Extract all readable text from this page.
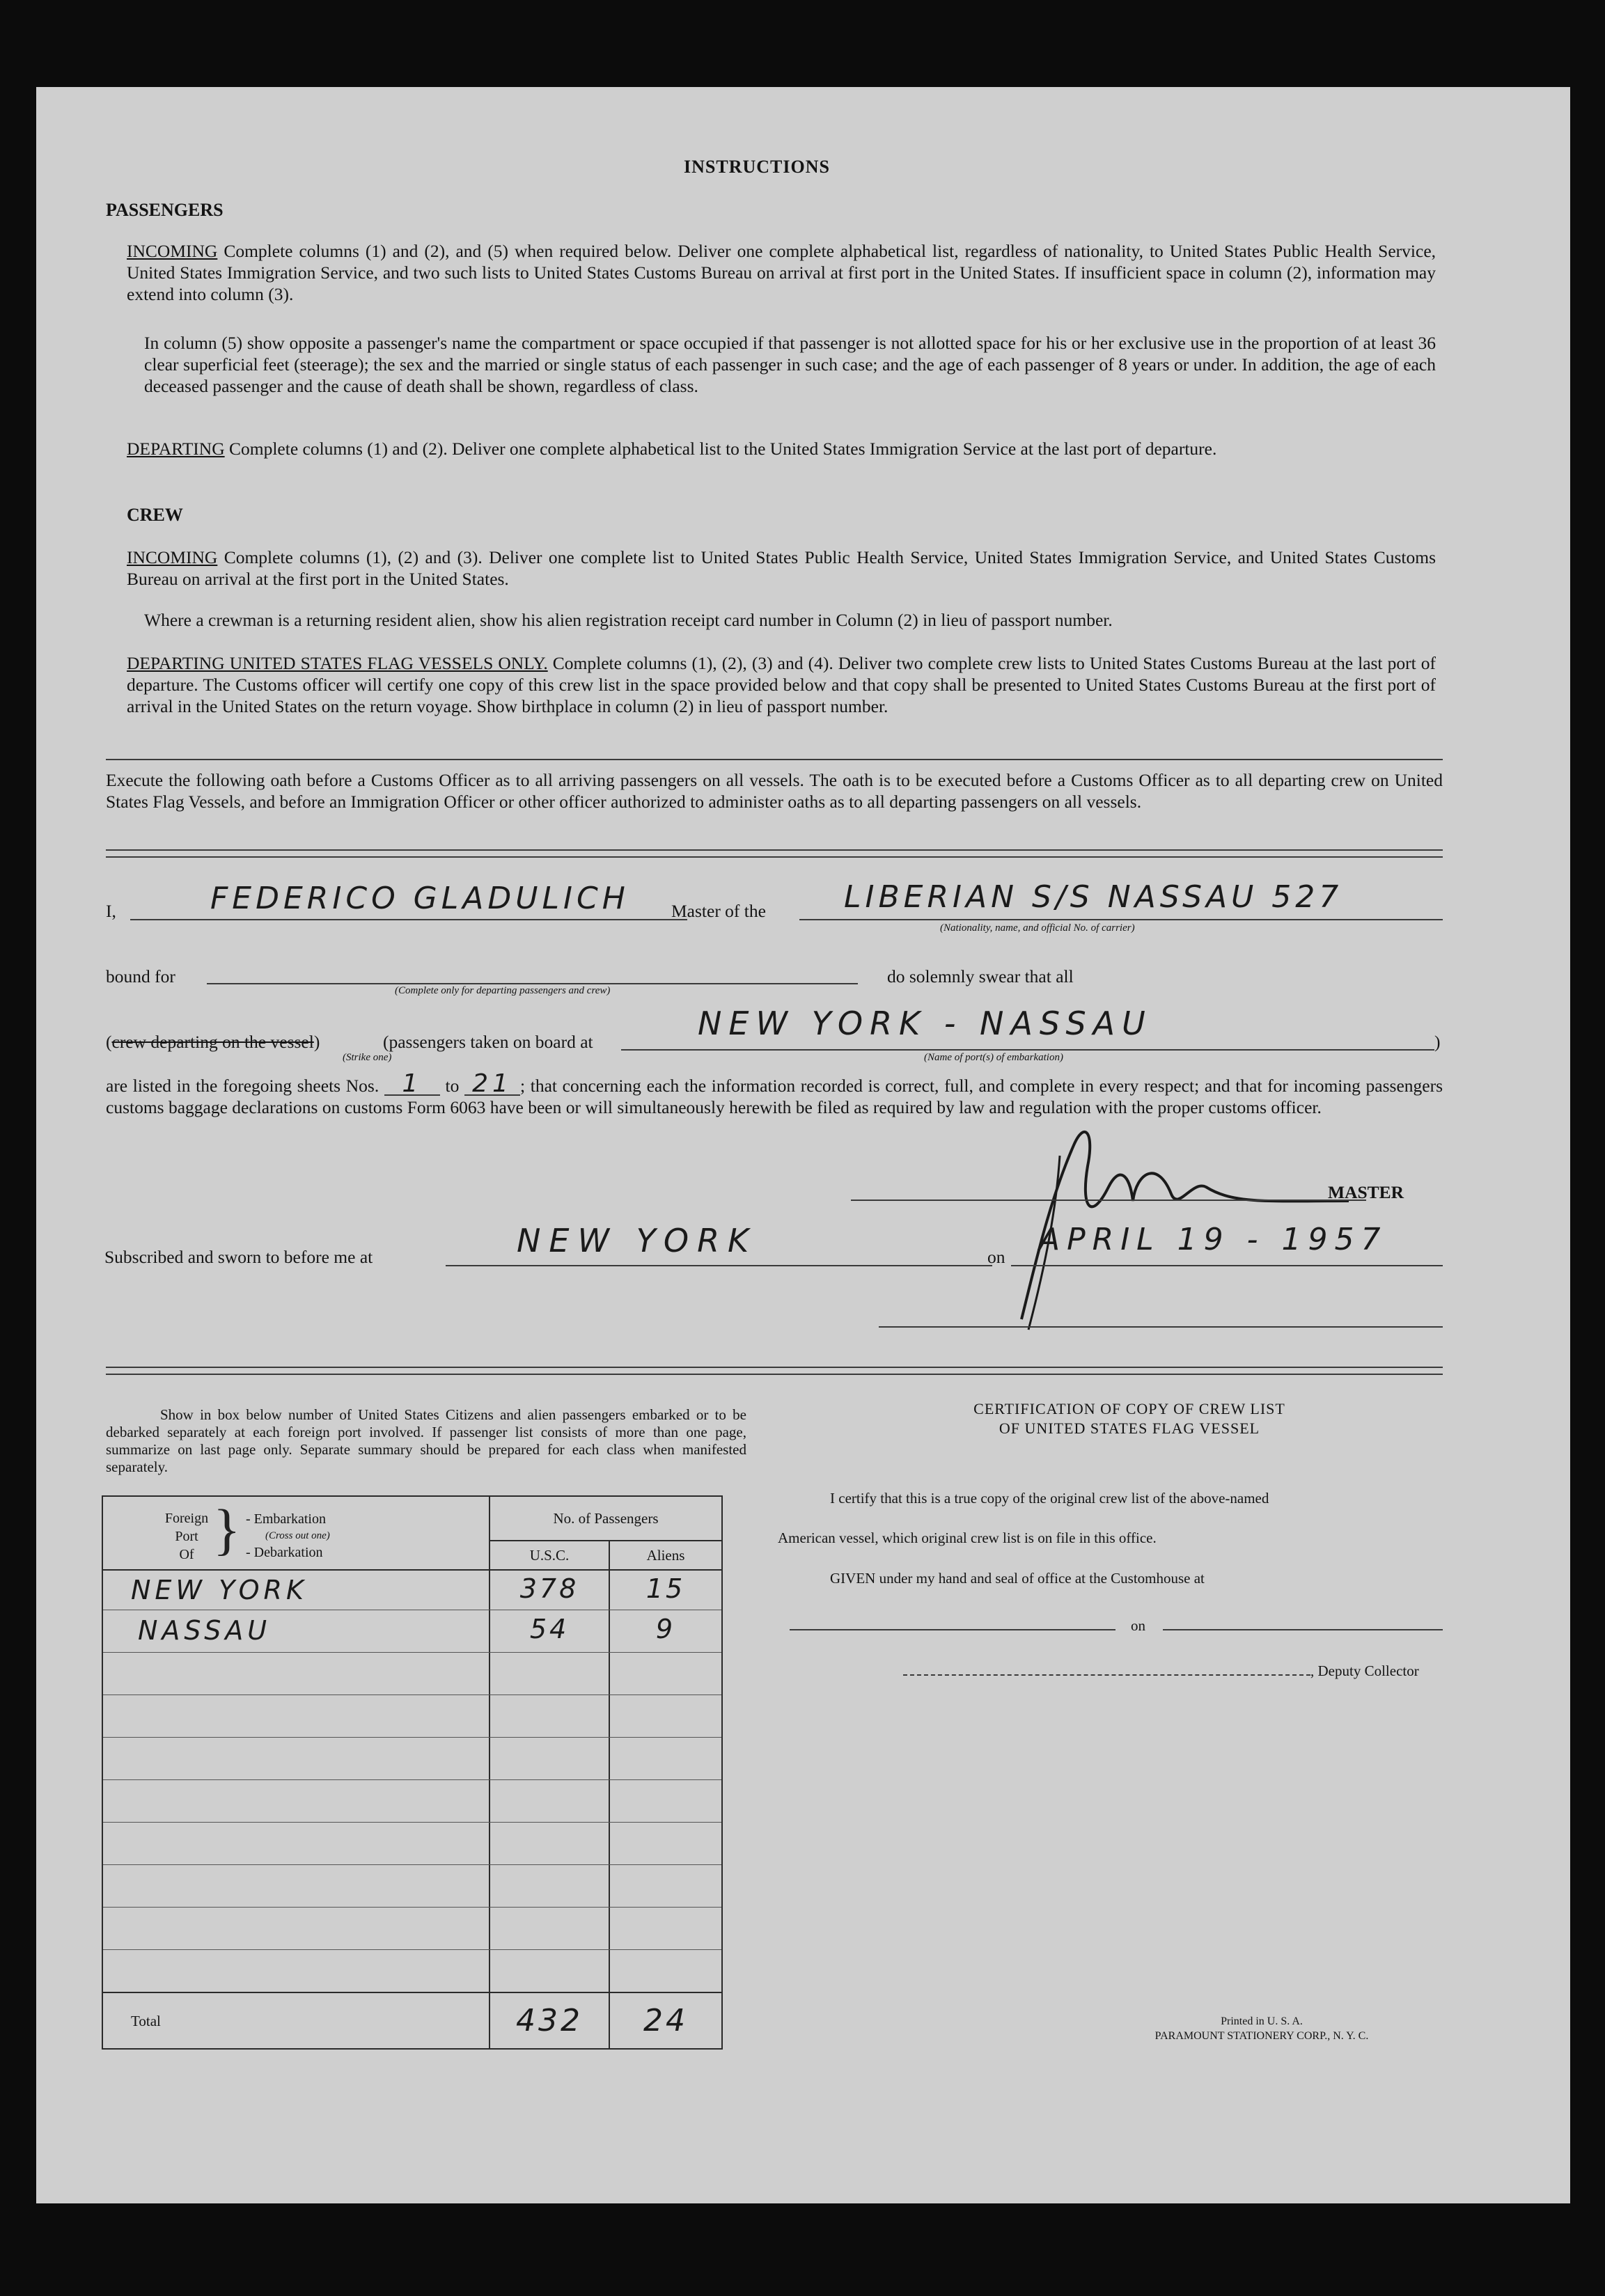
INSTRUCTIONS
PASSENGERS
INCOMING Complete columns (1) and (2), and (5) when required below. Deliver one complete alphabetical list, regardless of nationality, to United States Public Health Service, United States Immigration Service, and two such lists to United States Customs Bureau on arrival at first port in the United States. If insufficient space in column (2), information may extend into column (3).
In column (5) show opposite a passenger's name the compartment or space occupied if that passenger is not allotted space for his or her exclusive use in the proportion of at least 36 clear superficial feet (steerage); the sex and the married or single status of each passenger in such case; and the age of each passenger of 8 years or under. In addition, the age of each deceased passenger and the cause of death shall be shown, regardless of class.
DEPARTING Complete columns (1) and (2). Deliver one complete alphabetical list to the United States Immigration Service at the last port of departure.
CREW
INCOMING Complete columns (1), (2) and (3). Deliver one complete list to United States Public Health Service, United States Immigration Service, and United States Customs Bureau on arrival at the first port in the United States.
Where a crewman is a returning resident alien, show his alien registration receipt card number in Column (2) in lieu of passport number.
DEPARTING UNITED STATES FLAG VESSELS ONLY. Complete columns (1), (2), (3) and (4). Deliver two complete crew lists to United States Customs Bureau at the last port of departure. The Customs officer will certify one copy of this crew list in the space provided below and that copy shall be presented to United States Customs Bureau at the first port of arrival in the United States on the return voyage. Show birthplace in column (2) in lieu of passport number.
Execute the following oath before a Customs Officer as to all arriving passengers on all vessels. The oath is to be executed before a Customs Officer as to all departing crew on United States Flag Vessels, and before an Immigration Officer or other officer authorized to administer oaths as to all departing passengers on all vessels.
I,	FEDERICO GLADULICH Master of the	LIBERIAN S/S NASSAU 527
(Nationality, name, and official No. of carrier)
bound for
(Complete only for departing passengers and crew)
do solemnly swear that all
(crew departing on the vessel)
(Strike one)
(passengers taken on board at	NEW YORK - NASSAU
(Name of port(s) of embarkation)
)
are listed in the foregoing sheets Nos. 1 to 21 ; that concerning each the information recorded is correct, full, and complete in every respect; and that for incoming passengers customs baggage declarations on customs Form 6063 have been or will simultaneously herewith be filed as required by law and regulation with the proper customs officer.
MASTER
Subscribed and sworn to before me at	NEW YORK	on APRIL 19 - 1957
Show in box below number of United States Citizens and alien passengers embarked or to be debarked separately at each foreign port involved. If passenger list consists of more than one page, summarize on last page only. Separate summary should be prepared for each class when manifested separately.
Foreign
Port
Of } - Embarkation
(Cross out one)
- Debarkation
No. of Passengers
U.S.C.	Aliens
NEW YORK	378	15
NASSAU	54	9
Total	432	24
CERTIFICATION OF COPY OF CREW LIST
OF UNITED STATES FLAG VESSEL
I certify that this is a true copy of the original crew list of the above-named
American vessel, which original crew list is on file in this office.
GIVEN under my hand and seal of office at the Customhouse at
on
, Deputy Collector
Printed in U. S. A.
PARAMOUNT STATIONERY CORP., N. Y. C.
